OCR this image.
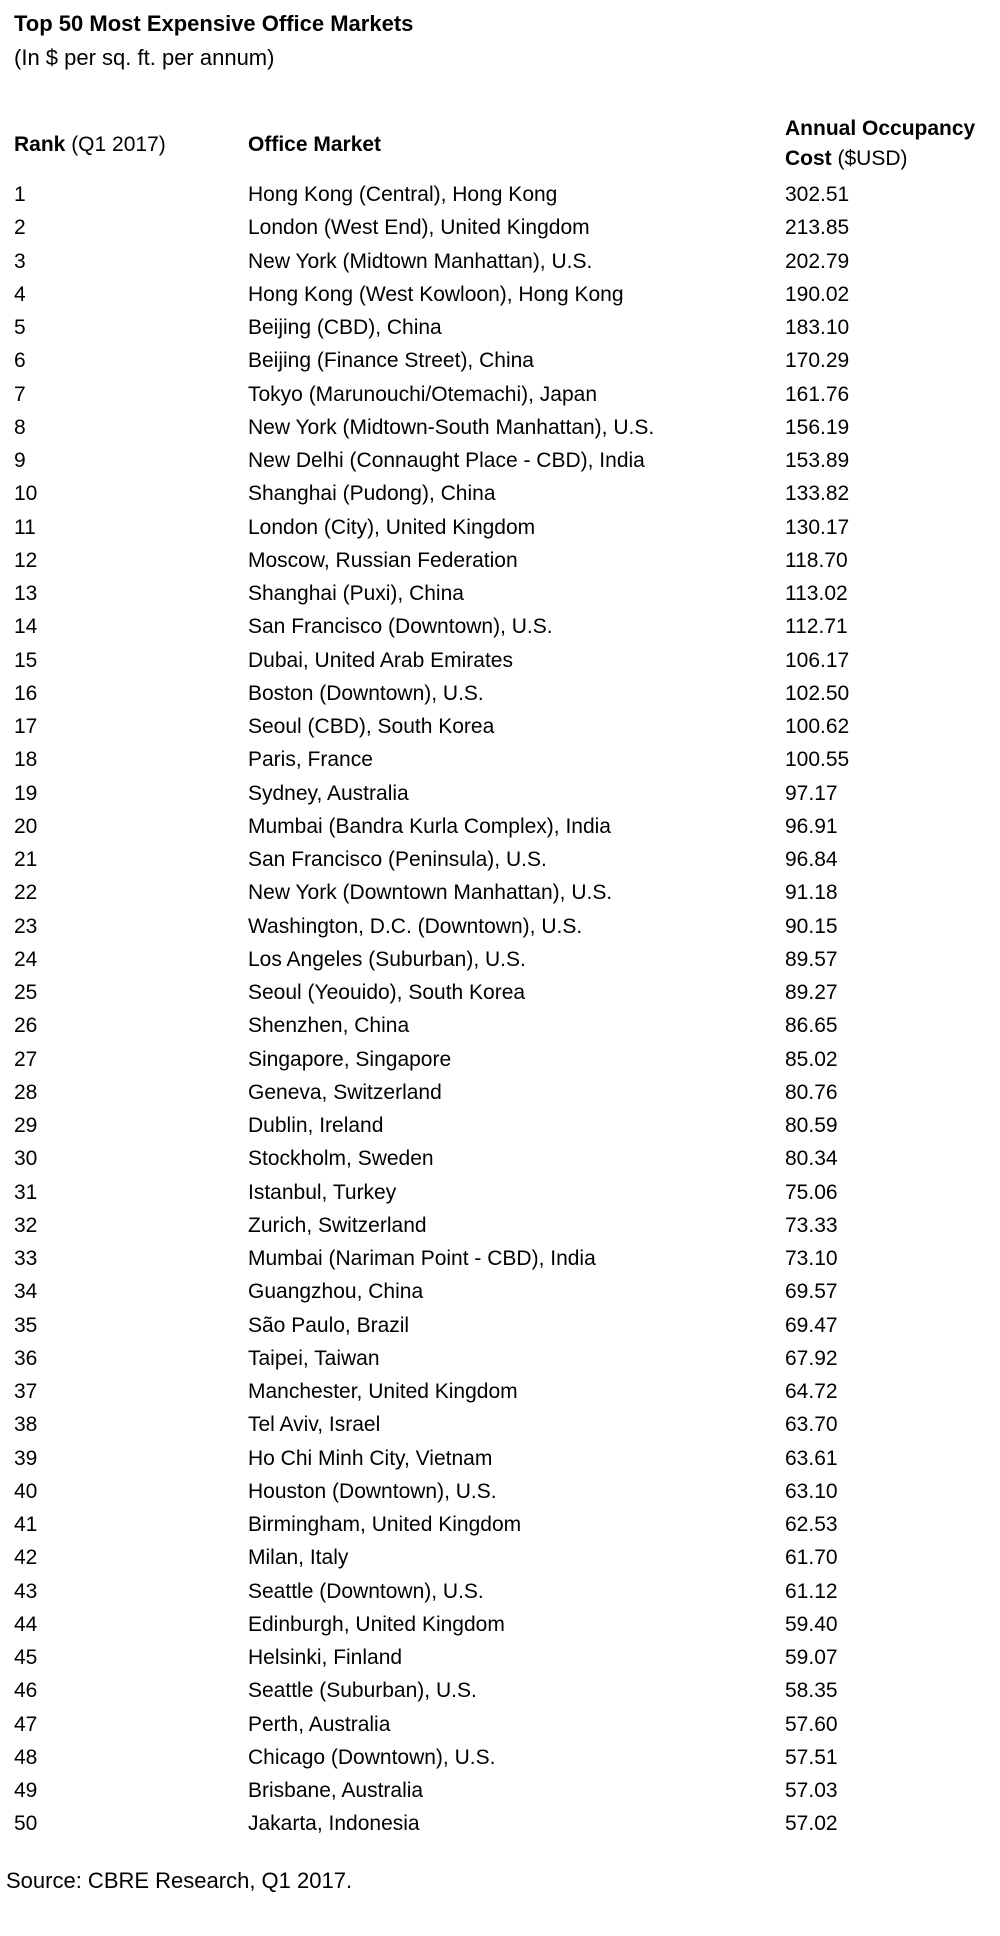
Top 50 Most Expensive Office Markets
(In $ per sq. ft. per annum)
Rank (Q1 2017)	Office Market
Annual Occupancy
Cost ($USD)
1	Hong Kong (Central), Hong Kong	302.51
2	London (West End), United Kingdom	213.85
3	New York (Midtown Manhattan), U.S.	202.79
4	Hong Kong (West Kowloon), Hong Kong	190.02
5	Beijing (CBD), China	183.10
6	Beijing (Finance Street), China	170.29
7	Tokyo (Marunouchi/Otemachi), Japan	161.76
8	New York (Midtown-South Manhattan), U.S.	156.19
9	New Delhi (Connaught Place - CBD), India	153.89
10	Shanghai (Pudong), China	133.82
11	London (City), United Kingdom	130.17
12	Moscow, Russian Federation	118.70
13	Shanghai (Puxi), China	113.02
14	San Francisco (Downtown), U.S.	112.71
15	Dubai, United Arab Emirates	106.17
16	Boston (Downtown), U.S.	102.50
17	Seoul (CBD), South Korea	100.62
18	Paris, France	100.55
19	Sydney, Australia	97.17
20	Mumbai (Bandra Kurla Complex), India	96.91
21	San Francisco (Peninsula), U.S.	96.84
22	New York (Downtown Manhattan), U.S.	91.18
23	Washington, D.C. (Downtown), U.S.	90.15
24	Los Angeles (Suburban), U.S.	89.57
25	Seoul (Yeouido), South Korea	89.27
26	Shenzhen, China	86.65
27	Singapore, Singapore	85.02
28	Geneva, Switzerland	80.76
29	Dublin, Ireland	80.59
30	Stockholm, Sweden	80.34
31	Istanbul, Turkey	75.06
32	Zurich, Switzerland	73.33
33	Mumbai (Nariman Point - CBD), India	73.10
34	Guangzhou, China	69.57
35	São Paulo, Brazil	69.47
36	Taipei, Taiwan	67.92
37	Manchester, United Kingdom	64.72
38	Tel Aviv, Israel	63.70
39	Ho Chi Minh City, Vietnam	63.61
40	Houston (Downtown), U.S.	63.10
41	Birmingham, United Kingdom	62.53
42	Milan, Italy	61.70
43	Seattle (Downtown), U.S.	61.12
44	Edinburgh, United Kingdom	59.40
45	Helsinki, Finland	59.07
46	Seattle (Suburban), U.S.	58.35
47	Perth, Australia	57.60
48	Chicago (Downtown), U.S.	57.51
49	Brisbane, Australia	57.03
50	Jakarta, Indonesia	57.02
Source: CBRE Research, Q1 2017.
